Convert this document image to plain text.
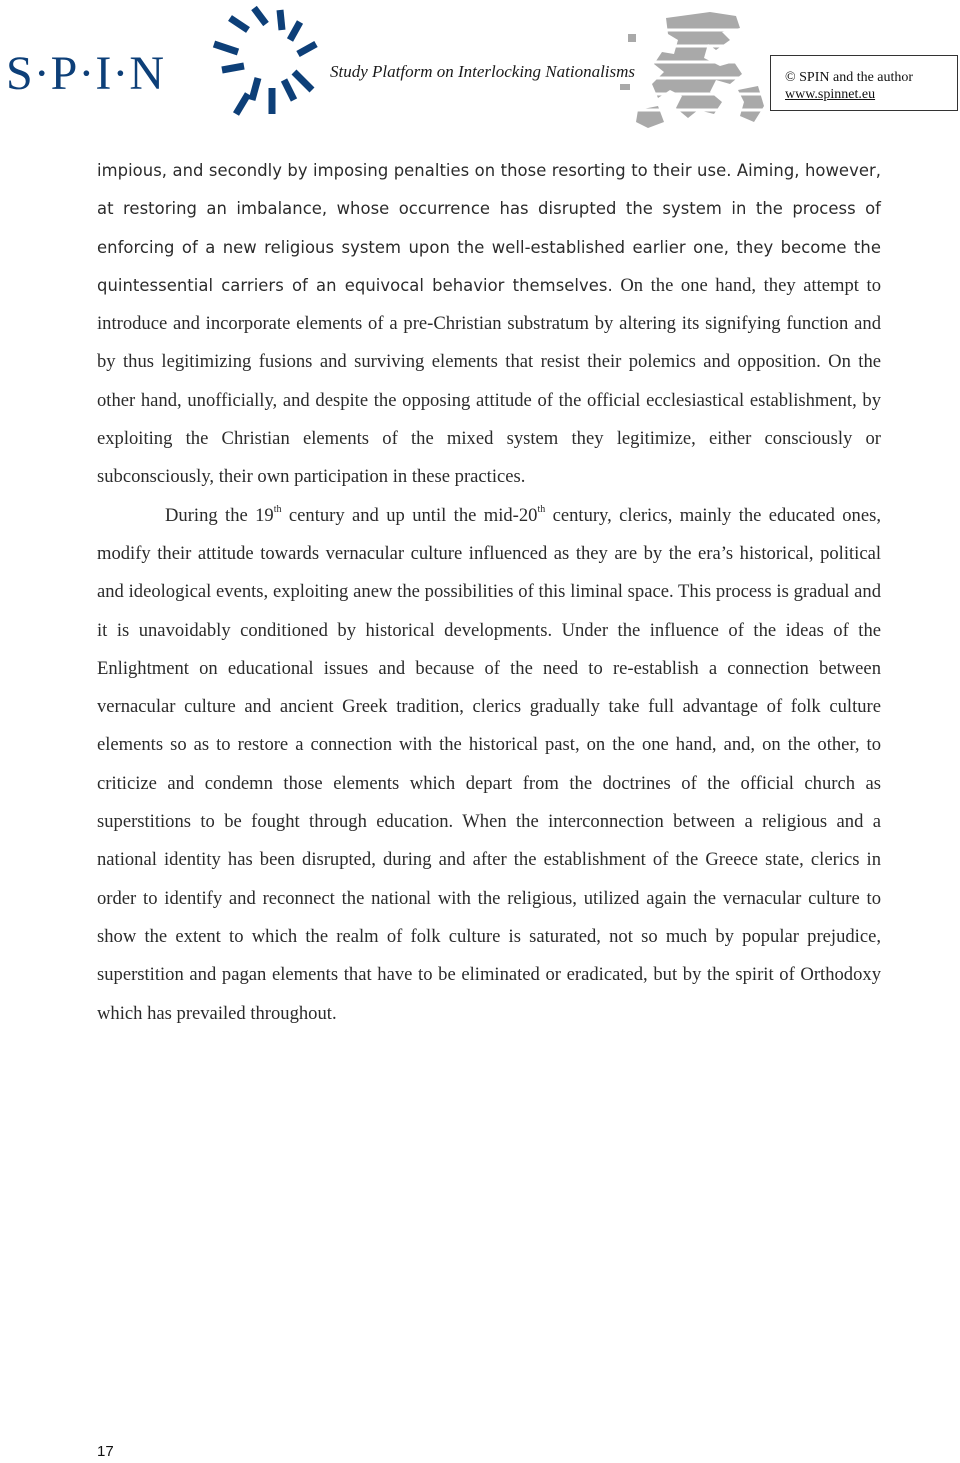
S·P·I·N	Study Platform on Interlocking Nationalisms	© SPIN and the author
www.spinnet.eu

impious, and secondly by imposing penalties on those resorting to their use. Aiming, however, at restoring an imbalance, whose occurrence has disrupted the system in the process of enforcing of a new religious system upon the well-established earlier one, they become the quintessential carriers of an equivocal behavior themselves. On the one hand, they attempt to introduce and incorporate elements of a pre-Christian substratum by altering its signifying function and by thus legitimizing fusions and surviving elements that resist their polemics and opposition. On the other hand, unofficially, and despite the opposing attitude of the official ecclesiastical establishment, by exploiting the Christian elements of the mixed system they legitimize, either consciously or subconsciously, their own participation in these practices.

During the 19th century and up until the mid-20th century, clerics, mainly the educated ones, modify their attitude towards vernacular culture influenced as they are by the era’s historical, political and ideological events, exploiting anew the possibilities of this liminal space. This process is gradual and it is unavoidably conditioned by historical developments. Under the influence of the ideas of the Enlightment on educational issues and because of the need to re-establish a connection between vernacular culture and ancient Greek tradition, clerics gradually take full advantage of folk culture elements so as to restore a connection with the historical past, on the one hand, and, on the other, to criticize and condemn those elements which depart from the doctrines of the official church as superstitions to be fought through education. When the interconnection between a religious and a national identity has been disrupted, during and after the establishment of the Greece state, clerics in order to identify and reconnect the national with the religious, utilized again the vernacular culture to show the extent to which the realm of folk culture is saturated, not so much by popular prejudice, superstition and pagan elements that have to be eliminated or eradicated, but by the spirit of Orthodoxy which has prevailed throughout.

17
